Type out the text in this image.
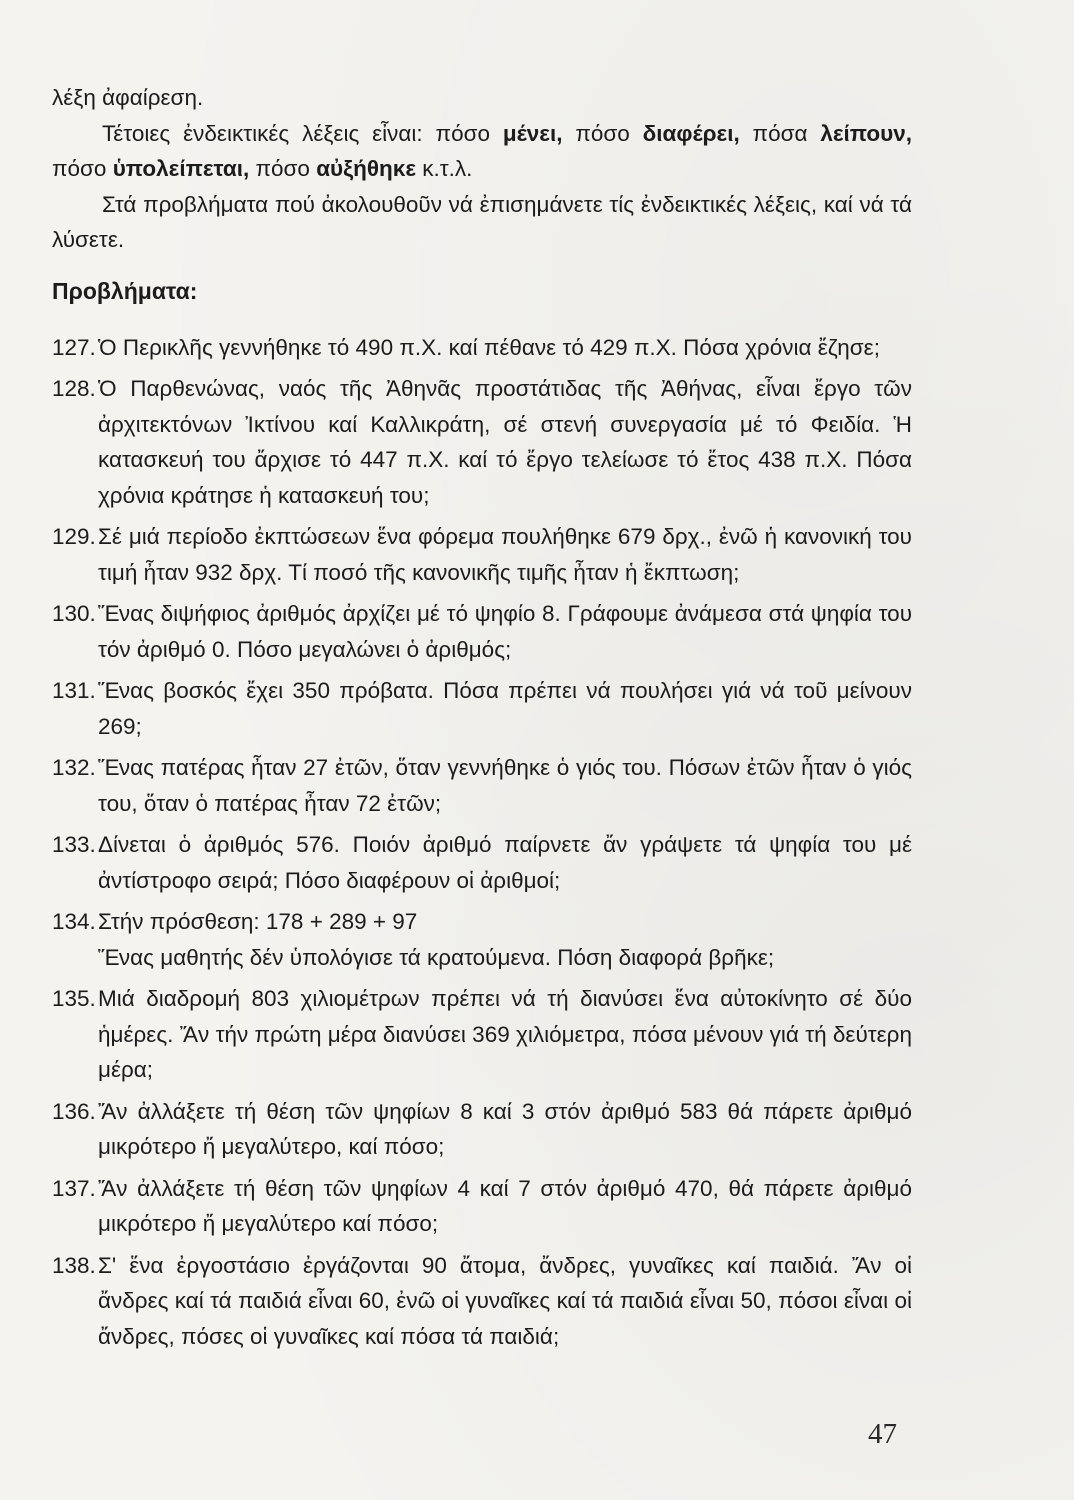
λέξη ἀφαίρεση.

Τέτοιες ἐνδεικτικές λέξεις εἶναι: πόσο μένει, πόσο διαφέρει, πόσα λείπουν, πόσο ὑπολείπεται, πόσο αὐξήθηκε κ.τ.λ.

Στά προβλήματα πού ἀκολουθοῦν νά ἐπισημάνετε τίς ἐνδεικτικές λέξεις, καί νά τά λύσετε.

Προβλήματα:
127. Ὁ Περικλῆς γεννήθηκε τό 490 π.Χ. καί πέθανε τό 429 π.Χ. Πόσα χρόνια ἔζησε;
128. Ὁ Παρθενώνας, ναός τῆς Ἀθηνᾶς προστάτιδας τῆς Ἀθήνας, εἶναι ἔργο τῶν ἀρχιτεκτόνων Ἰκτίνου καί Καλλικράτη, σέ στενή συνεργασία μέ τό Φειδία. Ἡ κατασκευή του ἄρχισε τό 447 π.Χ. καί τό ἔργο τελείωσε τό ἔτος 438 π.Χ. Πόσα χρόνια κράτησε ἡ κατασκευή του;
129. Σέ μιά περίοδο ἐκπτώσεων ἕνα φόρεμα πουλήθηκε 679 δρχ., ἐνῶ ἡ κανονική του τιμή ἦταν 932 δρχ. Τί ποσό τῆς κανονικῆς τιμῆς ἦταν ἡ ἔκπτωση;
130. Ἕνας διψήφιος ἀριθμός ἀρχίζει μέ τό ψηφίο 8. Γράφουμε ἀνάμεσα στά ψηφία του τόν ἀριθμό 0. Πόσο μεγαλώνει ὁ ἀριθμός;
131. Ἕνας βοσκός ἔχει 350 πρόβατα. Πόσα πρέπει νά πουλήσει γιά νά τοῦ μείνουν 269;
132. Ἕνας πατέρας ἦταν 27 ἐτῶν, ὅταν γεννήθηκε ὁ γιός του. Πόσων ἐτῶν ἦταν ὁ γιός του, ὅταν ὁ πατέρας ἦταν 72 ἐτῶν;
133. Δίνεται ὁ ἀριθμός 576. Ποιόν ἀριθμό παίρνετε ἄν γράψετε τά ψηφία του μέ ἀντίστροφο σειρά; Πόσο διαφέρουν οἱ ἀριθμοί;
134. Στήν πρόσθεση: 178 + 289 + 97
Ἕνας μαθητής δέν ὑπολόγισε τά κρατούμενα. Πόση διαφορά βρῆκε;
135. Μιά διαδρομή 803 χιλιομέτρων πρέπει νά τή διανύσει ἕνα αὐτοκίνητο σέ δύο ἡμέρες. Ἄν τήν πρώτη μέρα διανύσει 369 χιλιόμετρα, πόσα μένουν γιά τή δεύτερη μέρα;
136. Ἄν ἀλλάξετε τή θέση τῶν ψηφίων 8 καί 3 στόν ἀριθμό 583 θά πάρετε ἀριθμό μικρότερο ἤ μεγαλύτερο, καί πόσο;
137. Ἄν ἀλλάξετε τή θέση τῶν ψηφίων 4 καί 7 στόν ἀριθμό 470, θά πάρετε ἀριθμό μικρότερο ἤ μεγαλύτερο καί πόσο;
138. Σ' ἕνα ἐργοστάσιο ἐργάζονται 90 ἄτομα, ἄνδρες, γυναῖκες καί παιδιά. Ἄν οἱ ἄνδρες καί τά παιδιά εἶναι 60, ἐνῶ οἱ γυναῖκες καί τά παιδιά εἶναι 50, πόσοι εἶναι οἱ ἄνδρες, πόσες οἱ γυναῖκες καί πόσα τά παιδιά;
47
